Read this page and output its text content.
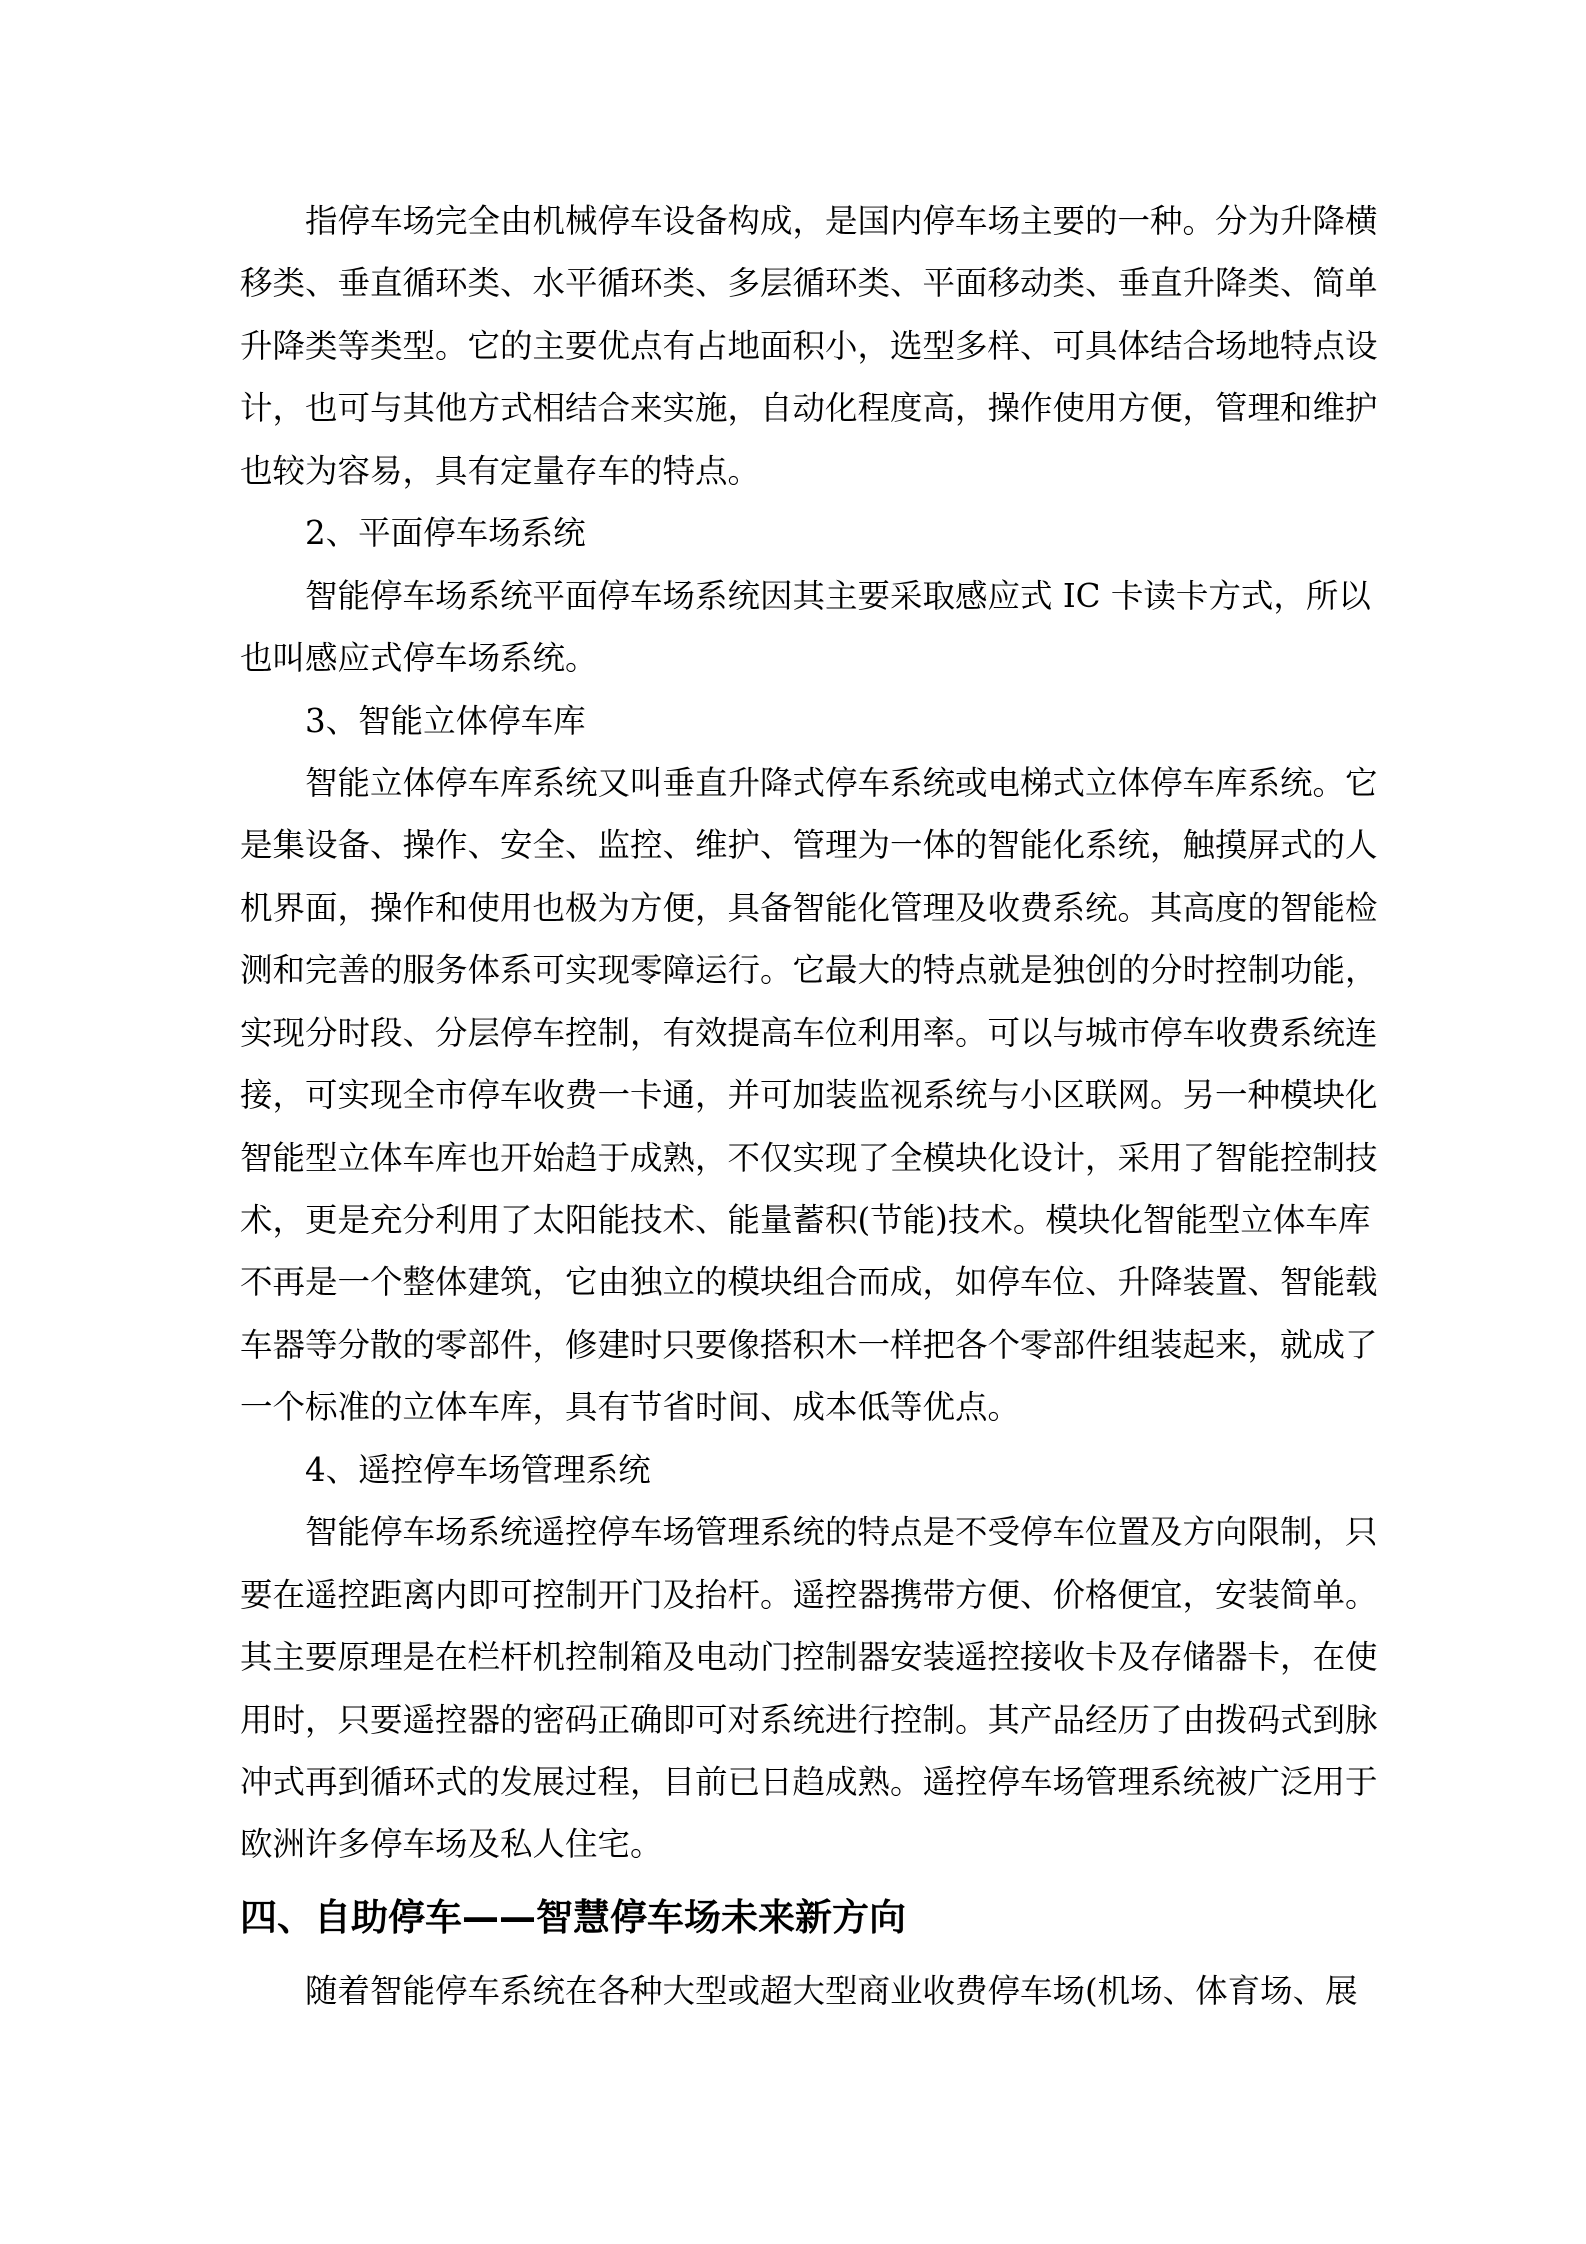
指停车场完全由机械停车设备构成，是国内停车场主要的一种。分为升降横
移类、垂直循环类、水平循环类、多层循环类、平面移动类、垂直升降类、简单
升降类等类型。它的主要优点有占地面积小，选型多样、可具体结合场地特点设
计，也可与其他方式相结合来实施，自动化程度高，操作使用方便，管理和维护
也较为容易，具有定量存车的特点。
2、平面停车场系统
智能停车场系统平面停车场系统因其主要采取感应式 IC 卡读卡方式，所以
也叫感应式停车场系统。
3、智能立体停车库
智能立体停车库系统又叫垂直升降式停车系统或电梯式立体停车库系统。它
是集设备、操作、安全、监控、维护、管理为一体的智能化系统，触摸屏式的人
机界面，操作和使用也极为方便，具备智能化管理及收费系统。其高度的智能检
测和完善的服务体系可实现零障运行。它最大的特点就是独创的分时控制功能，
实现分时段、分层停车控制，有效提高车位利用率。可以与城市停车收费系统连
接，可实现全市停车收费一卡通，并可加装监视系统与小区联网。另一种模块化
智能型立体车库也开始趋于成熟，不仅实现了全模块化设计，采用了智能控制技
术，更是充分利用了太阳能技术、能量蓄积(节能)技术。模块化智能型立体车库
不再是一个整体建筑，它由独立的模块组合而成，如停车位、升降装置、智能载
车器等分散的零部件，修建时只要像搭积木一样把各个零部件组装起来，就成了
一个标准的立体车库，具有节省时间、成本低等优点。
4、遥控停车场管理系统
智能停车场系统遥控停车场管理系统的特点是不受停车位置及方向限制，只
要在遥控距离内即可控制开门及抬杆。遥控器携带方便、价格便宜，安装简单。
其主要原理是在栏杆机控制箱及电动门控制器安装遥控接收卡及存储器卡，在使
用时，只要遥控器的密码正确即可对系统进行控制。其产品经历了由拨码式到脉
冲式再到循环式的发展过程，目前已日趋成熟。遥控停车场管理系统被广泛用于
欧洲许多停车场及私人住宅。
四、自助停车——智慧停车场未来新方向
随着智能停车系统在各种大型或超大型商业收费停车场(机场、体育场、展
